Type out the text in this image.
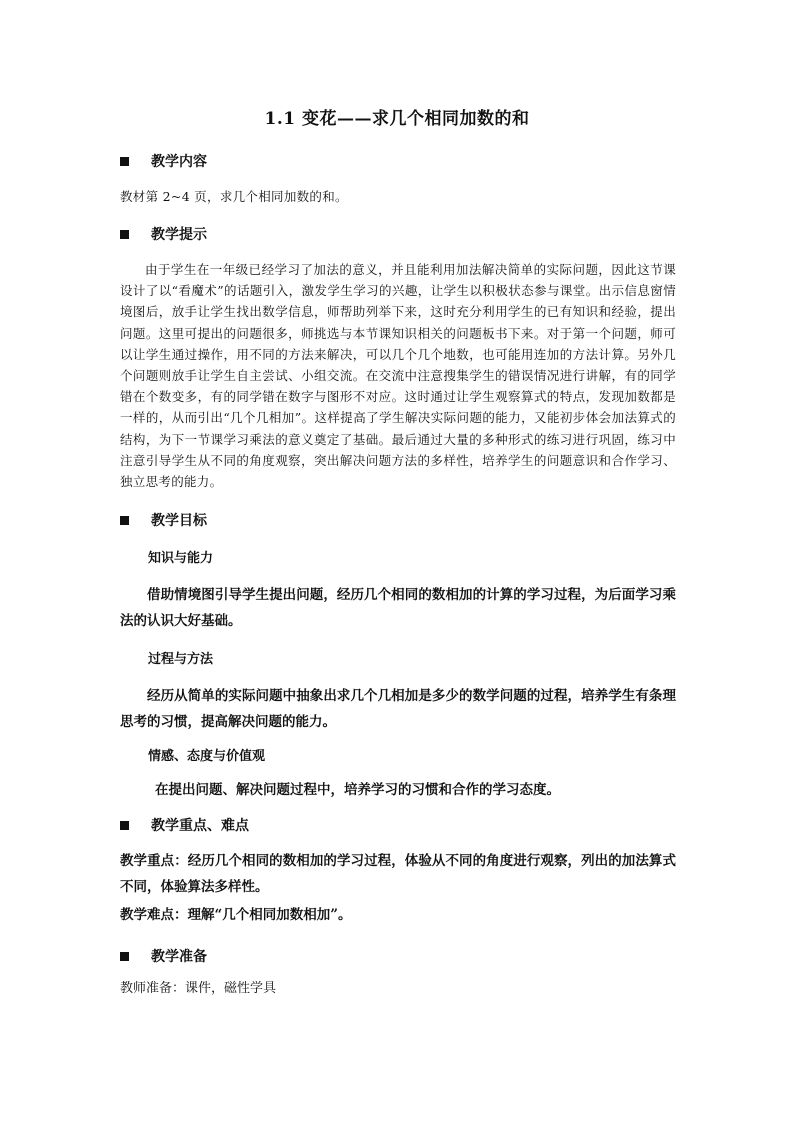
1.1 变花——求几个相同加数的和
教学内容
教材第 2~4 页，求几个相同加数的和。
教学提示
由于学生在一年级已经学习了加法的意义，并且能利用加法解决简单的实际问题，因此这节课设计了以“看魔术”的话题引入，激发学生学习的兴趣，让学生以积极状态参与课堂。出示信息窗情境图后，放手让学生找出数学信息，师帮助列举下来，这时充分利用学生的已有知识和经验，提出问题。这里可提出的问题很多，师挑选与本节课知识相关的问题板书下来。对于第一个问题，师可以让学生通过操作，用不同的方法来解决，可以几个几个地数，也可能用连加的方法计算。另外几个问题则放手让学生自主尝试、小组交流。在交流中注意搜集学生的错误情况进行讲解，有的同学错在个数变多，有的同学错在数字与图形不对应。这时通过让学生观察算式的特点，发现加数都是一样的，从而引出“几个几相加”。这样提高了学生解决实际问题的能力，又能初步体会加法算式的结构，为下一节课学习乘法的意义奠定了基础。最后通过大量的多种形式的练习进行巩固，练习中注意引导学生从不同的角度观察，突出解决问题方法的多样性，培养学生的问题意识和合作学习、独立思考的能力。
教学目标
知识与能力
借助情境图引导学生提出问题，经历几个相同的数相加的计算的学习过程，为后面学习乘法的认识大好基础。
过程与方法
经历从简单的实际问题中抽象出求几个几相加是多少的数学问题的过程，培养学生有条理思考的习惯，提高解决问题的能力。
情感、态度与价值观
在提出问题、解决问题过程中，培养学习的习惯和合作的学习态度。
教学重点、难点
教学重点：经历几个相同的数相加的学习过程，体验从不同的角度进行观察，列出的加法算式不同，体验算法多样性。
教学难点：理解“几个相同加数相加”。
教学准备
教师准备：课件，磁性学具
